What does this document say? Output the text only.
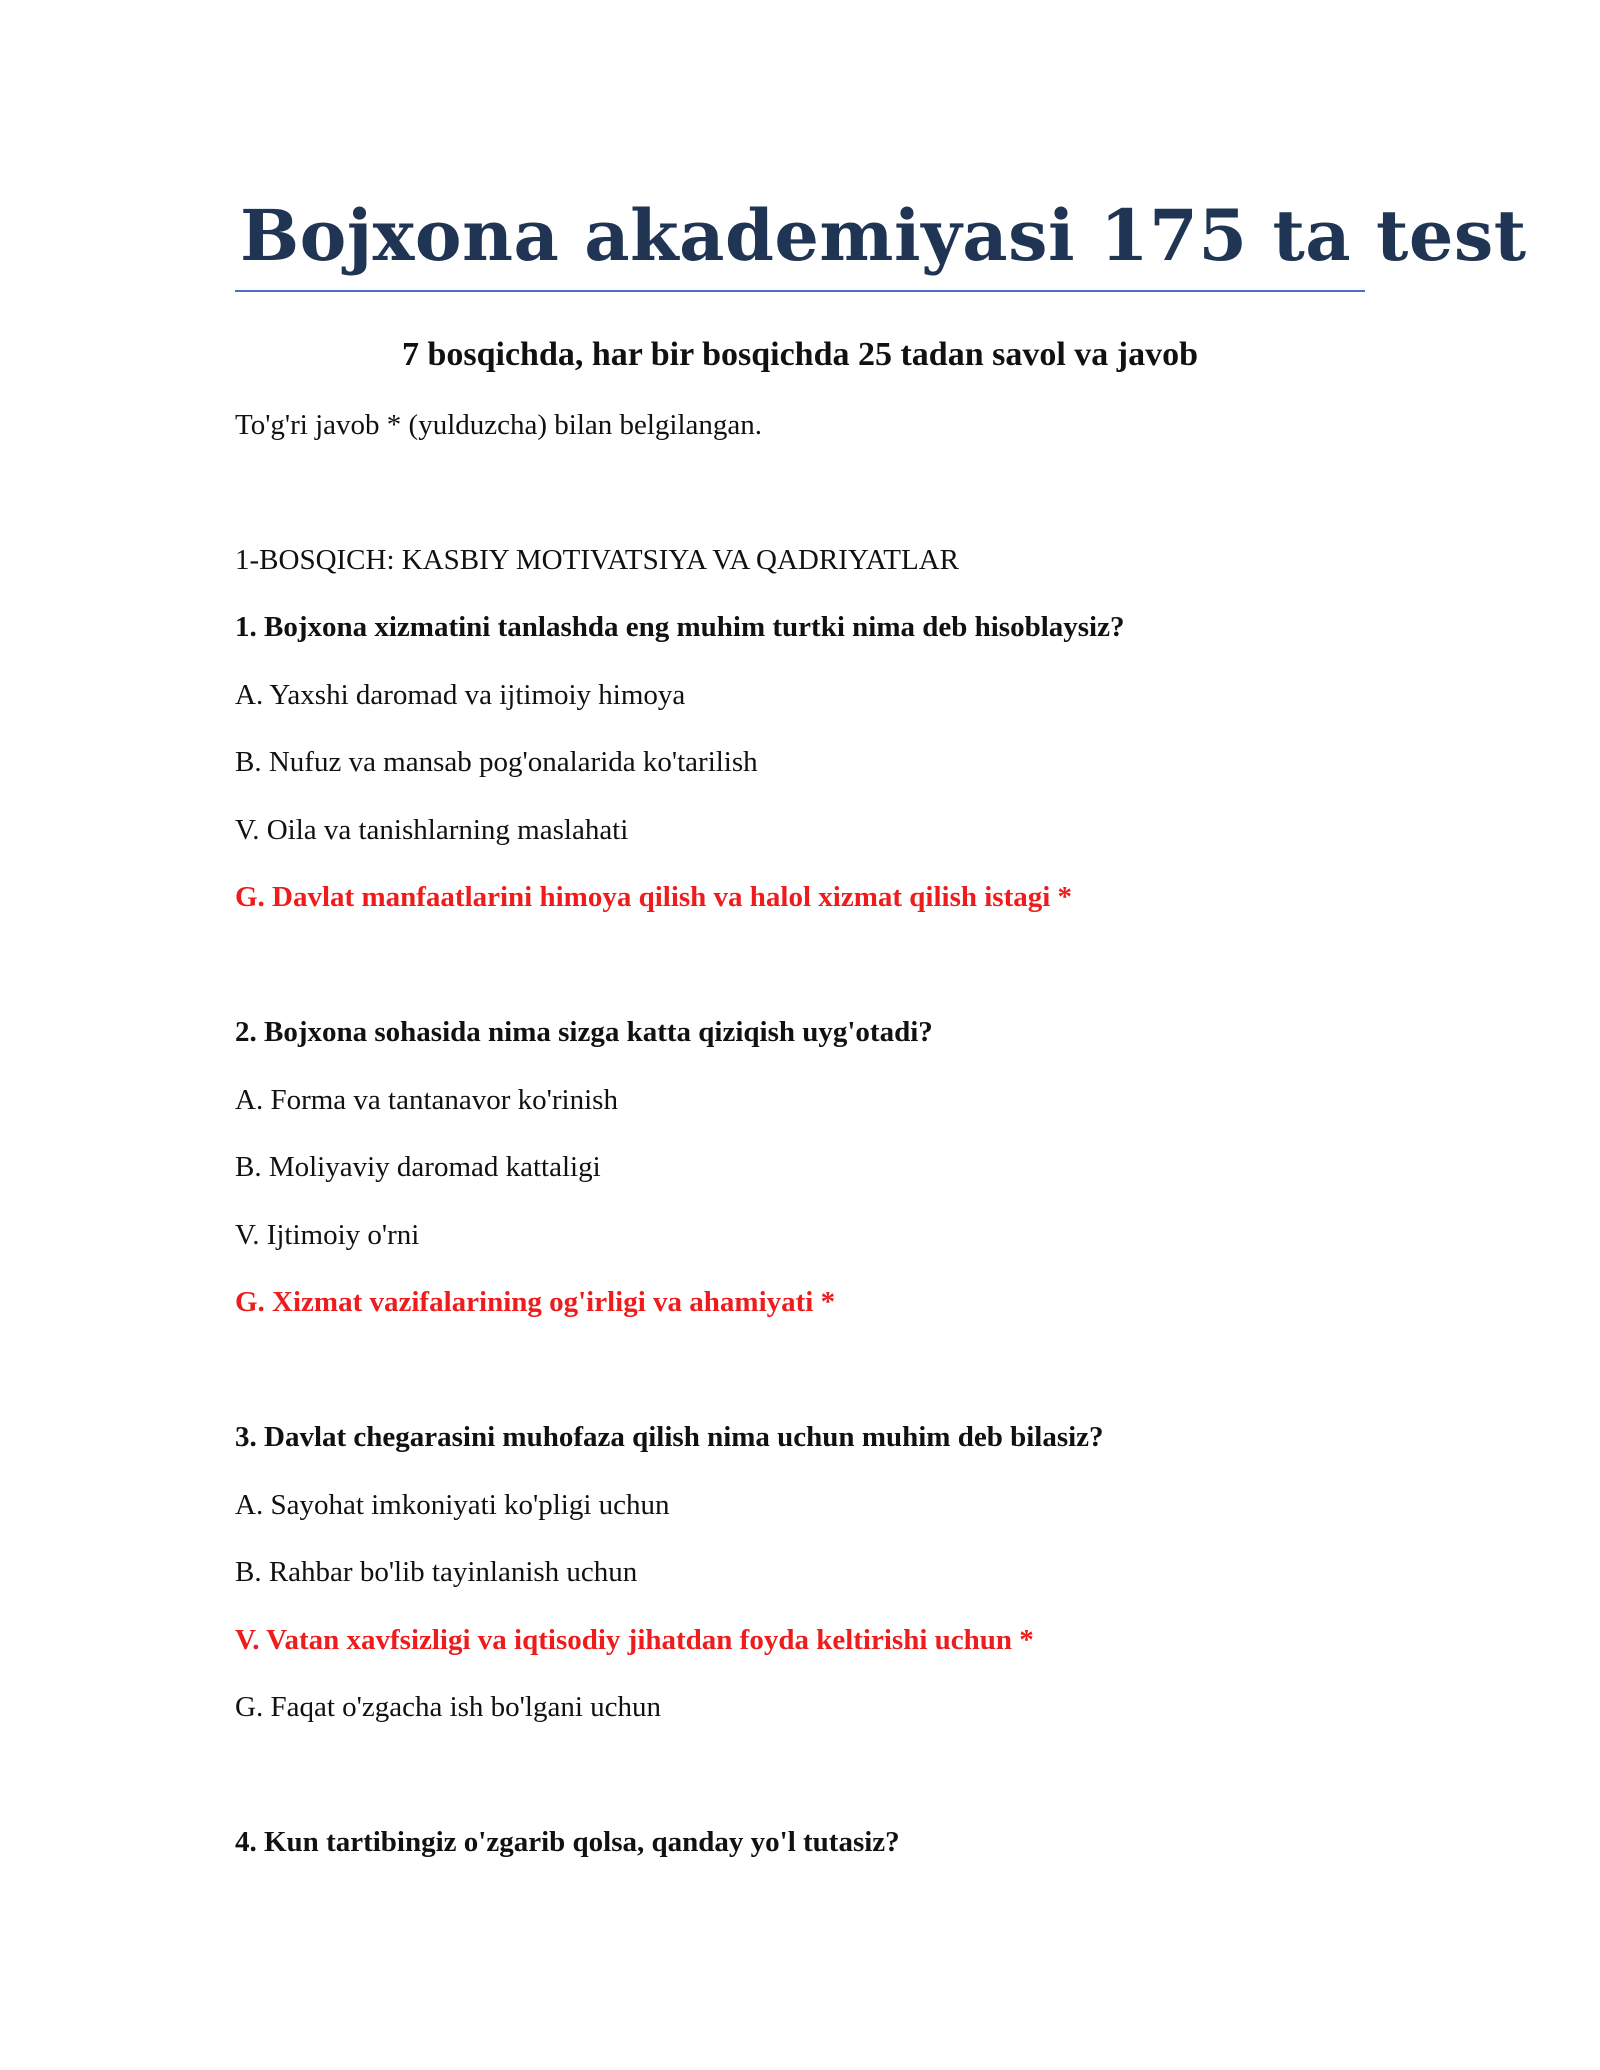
Bojxona akademiyasi 175 ta test
7 bosqichda, har bir bosqichda 25 tadan savol va javob
To'g'ri javob * (yulduzcha) bilan belgilangan.
1-BOSQICH: KASBIY MOTIVATSIYA VA QADRIYATLAR
1. Bojxona xizmatini tanlashda eng muhim turtki nima deb hisoblaysiz?
A. Yaxshi daromad va ijtimoiy himoya
B. Nufuz va mansab pog'onalarida ko'tarilish
V. Oila va tanishlarning maslahati
G. Davlat manfaatlarini himoya qilish va halol xizmat qilish istagi *
2. Bojxona sohasida nima sizga katta qiziqish uyg'otadi?
A. Forma va tantanavor ko'rinish
B. Moliyaviy daromad kattaligi
V. Ijtimoiy o'rni
G. Xizmat vazifalarining og'irligi va ahamiyati *
3. Davlat chegarasini muhofaza qilish nima uchun muhim deb bilasiz?
A. Sayohat imkoniyati ko'pligi uchun
B. Rahbar bo'lib tayinlanish uchun
V. Vatan xavfsizligi va iqtisodiy jihatdan foyda keltirishi uchun *
G. Faqat o'zgacha ish bo'lgani uchun
4. Kun tartibingiz o'zgarib qolsa, qanday yo'l tutasiz?
